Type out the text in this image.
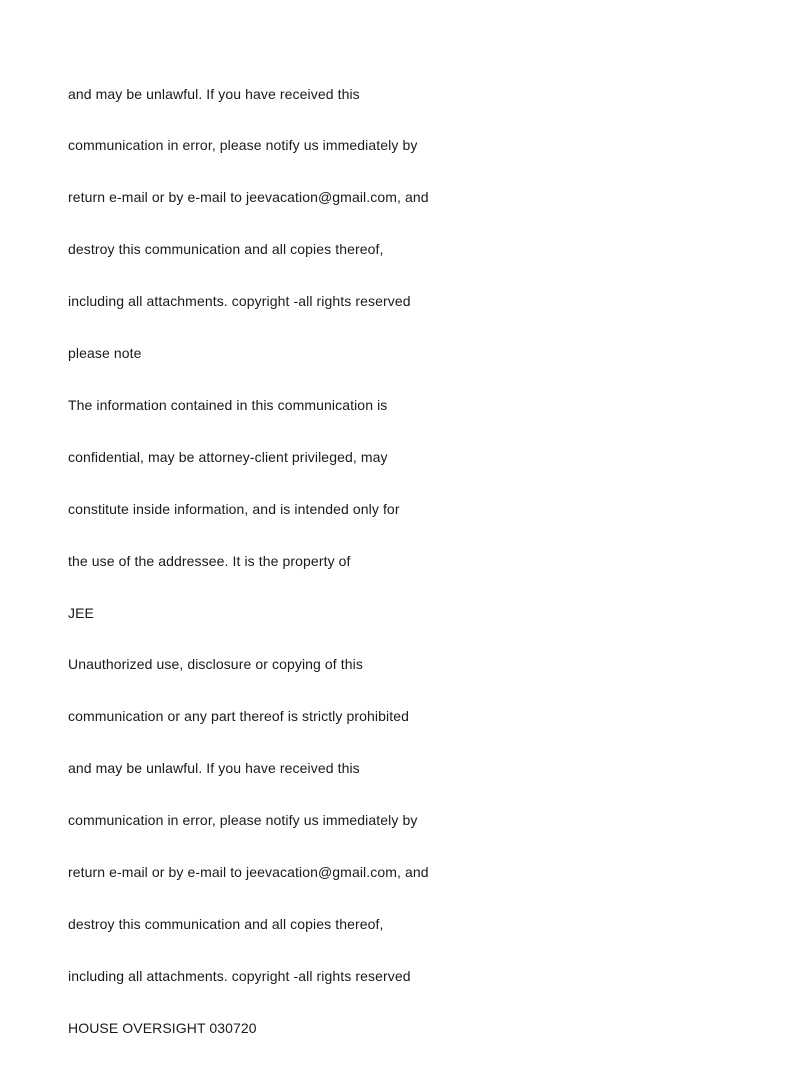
and may be unlawful. If you have received this

communication in error, please notify us immediately by

return e-mail or by e-mail to jeevacation@gmail.com, and

destroy this communication and all copies thereof,

including all attachments. copyright -all rights reserved

please note

The information contained in this communication is

confidential, may be attorney-client privileged, may

constitute inside information, and is intended only for

the use of the addressee. It is the property of

JEE

Unauthorized use, disclosure or copying of this

communication or any part thereof is strictly prohibited

and may be unlawful. If you have received this

communication in error, please notify us immediately by

return e-mail or by e-mail to jeevacation@gmail.com, and

destroy this communication and all copies thereof,

including all attachments. copyright -all rights reserved

HOUSE OVERSIGHT 030720
